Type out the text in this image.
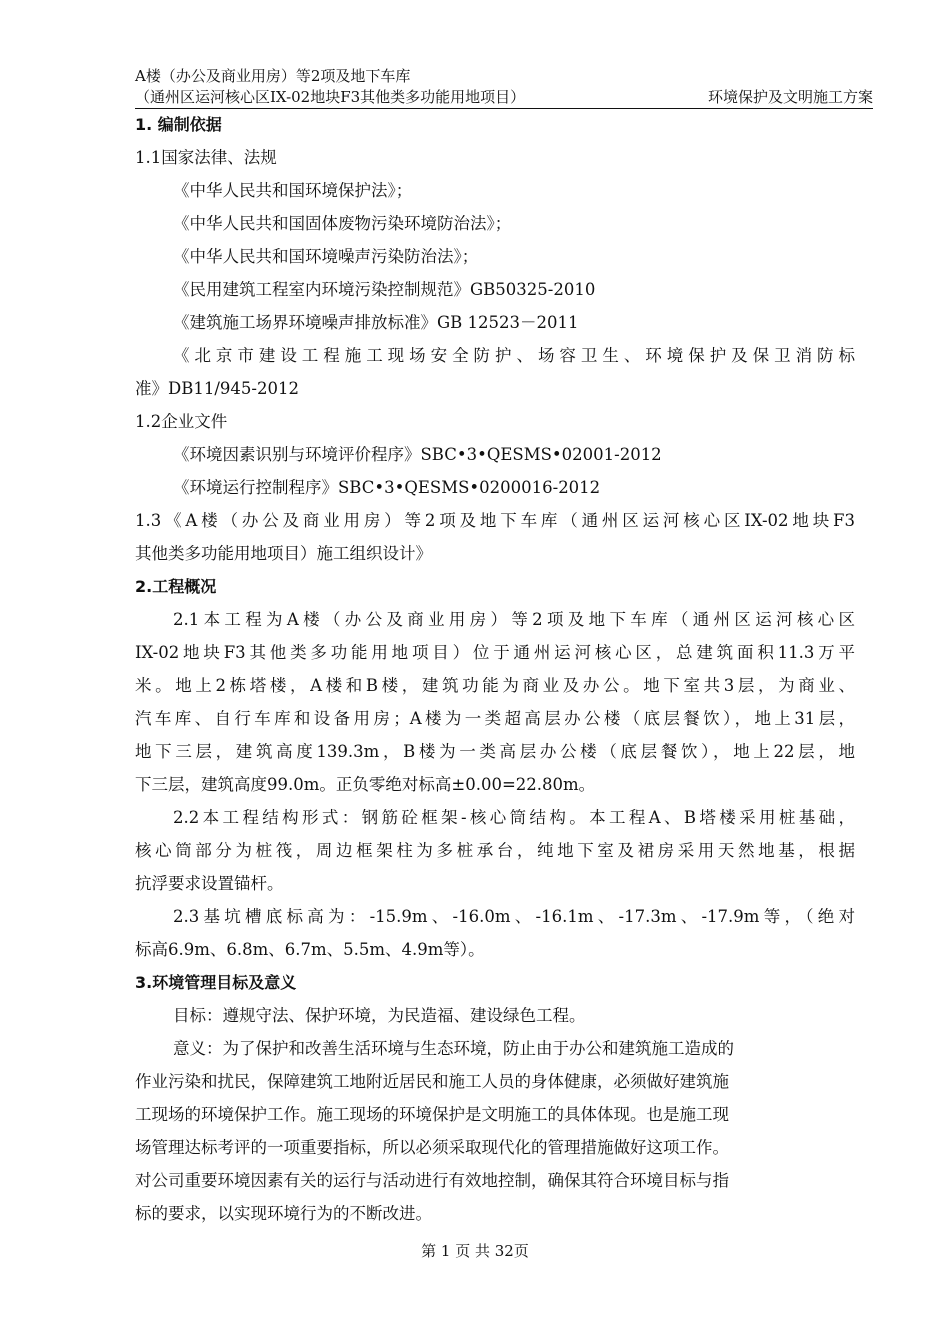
A楼（办公及商业用房）等2项及地下车库
（通州区运河核心区IX-02地块F3其他类多功能用地项目）	环境保护及文明施工方案
1. 编制依据
1.1国家法律、法规
《中华人民共和国环境保护法》；
《中华人民共和国固体废物污染环境防治法》；
《中华人民共和国环境噪声污染防治法》；
《民用建筑工程室内环境污染控制规范》GB50325-2010
《建筑施工场界环境噪声排放标准》GB 12523－2011
《北京市建设工程施工现场安全防护、场容卫生、环境保护及保卫消防标
准》DB11/945-2012
1.2企业文件
《环境因素识别与环境评价程序》SBC•3•QESMS•02001-2012
《环境运行控制程序》SBC•3•QESMS•0200016-2012
1.3《A楼（办公及商业用房）等2项及地下车库（通州区运河核心区IX-02地块F3
其他类多功能用地项目）施工组织设计》
2.工程概况
2.1本工程为A楼（办公及商业用房）等2项及地下车库（通州区运河核心区
IX-02地块F3其他类多功能用地项目）位于通州运河核心区，总建筑面积11.3万平
米。地上2栋塔楼，A楼和B楼，建筑功能为商业及办公。地下室共3层，为商业、
汽车库、自行车库和设备用房；A楼为一类超高层办公楼（底层餐饮），地上31层，
地下三层，建筑高度139.3m，B楼为一类高层办公楼（底层餐饮），地上22层，地
下三层，建筑高度99.0m。正负零绝对标高±0.00=22.80m。
2.2本工程结构形式：钢筋砼框架-核心筒结构。本工程A、B塔楼采用桩基础，
核心筒部分为桩筏，周边框架柱为多桩承台，纯地下室及裙房采用天然地基，根据
抗浮要求设置锚杆。
2.3基坑槽底标高为：-15.9m、-16.0m、-16.1m、-17.3m、-17.9m等，（绝对
标高6.9m、6.8m、6.7m、5.5m、4.9m等）。
3.环境管理目标及意义
目标：遵规守法、保护环境，为民造福、建设绿色工程。
意义：为了保护和改善生活环境与生态环境，防止由于办公和建筑施工造成的
作业污染和扰民，保障建筑工地附近居民和施工人员的身体健康，必须做好建筑施
工现场的环境保护工作。施工现场的环境保护是文明施工的具体体现。也是施工现
场管理达标考评的一项重要指标，所以必须采取现代化的管理措施做好这项工作。
对公司重要环境因素有关的运行与活动进行有效地控制，确保其符合环境目标与指
标的要求，以实现环境行为的不断改进。
第 1 页 共 32页
